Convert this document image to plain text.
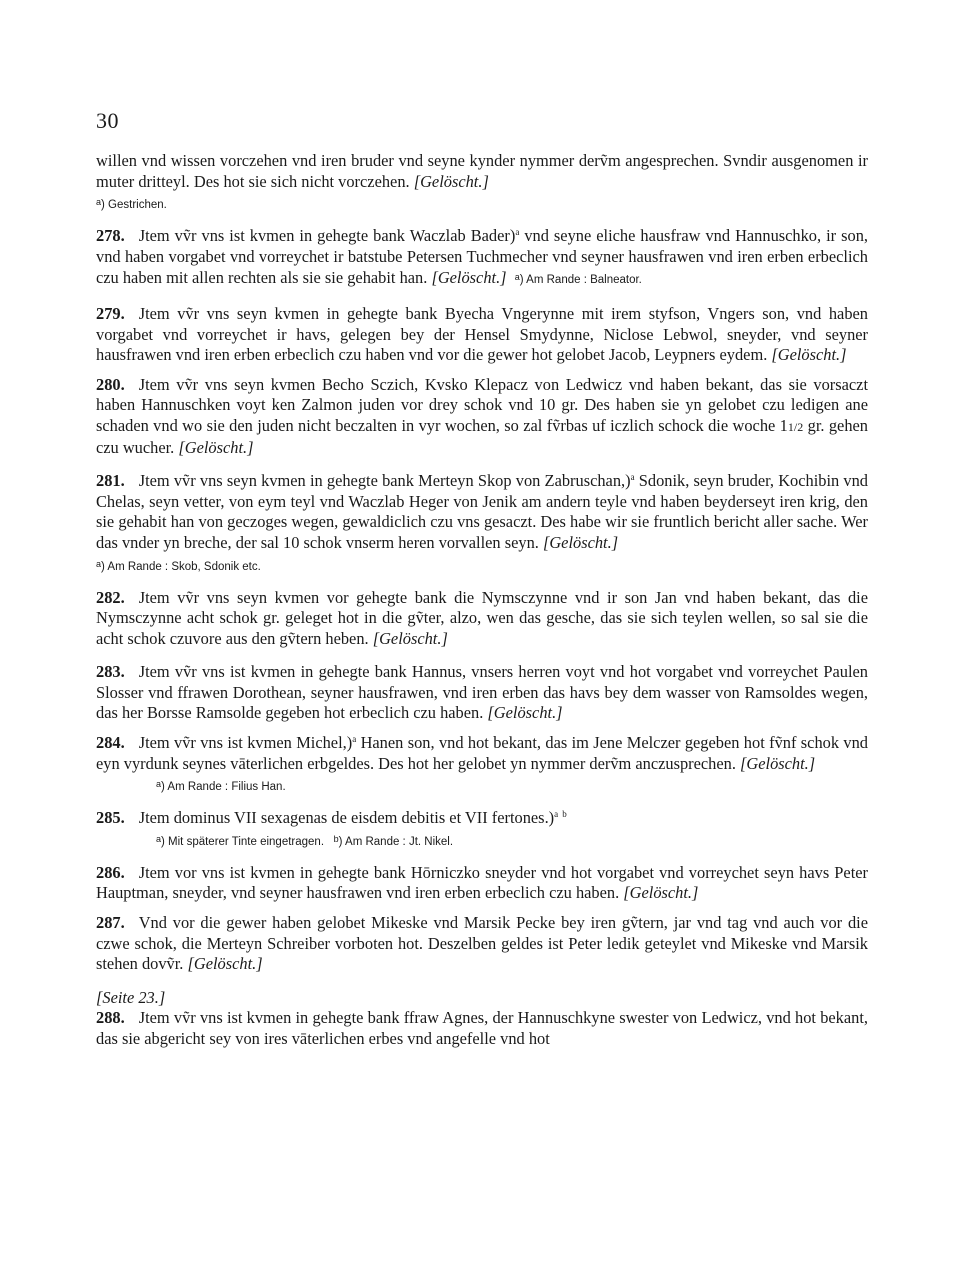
30

willen vnd wissen vorczehen vnd iren bruder vnd seyne kynder nymmer derṽm angesprechen. Svndir ausgenomen ir muter dritteyl. Des hot sie sich nicht vorczehen. [Gelöscht.]

$^a$) Gestrichen.

278. Jtem vṽr vns ist kvmen in gehegte bank Waczlab Bader)$^a$ vnd seyne eliche hausfraw vnd Hannuschko, ir son, vnd haben vorgabet vnd vorreychet ir batstube Petersen Tuchmecher vnd seyner hausfrawen vnd iren erben erbeclich czu haben mit allen rechten als sie sie gehabit han. [Gelöscht.] $^a$) Am Rande : Balneator.

279. Jtem vṽr vns seyn kvmen in gehegte bank Byecha Vngerynne mit irem styfson, Vngers son, vnd haben vorgabet vnd vorreychet ir havs, gelegen bey der Hensel Smydynne, Niclose Lebwol, sneyder, vnd seyner hausfrawen vnd iren erben erbeclich czu haben vnd vor die gewer hot gelobet Jacob, Leypners eydem. [Gelöscht.]

280. Jtem vṽr vns seyn kvmen Becho Sczich, Kvsko Klepacz von Ledwicz vnd haben bekant, das sie vorsaczt haben Hannuschken voyt ken Zalmon juden vor drey schok vnd 10 gr. Des haben sie yn gelobet czu ledigen ane schaden vnd wo sie den juden nicht beczalten in vyr wochen, so zal fṽrbas uf iczlich schock die woche 11/2 gr. gehen czu wucher. [Gelöscht.]

281. Jtem vṽr vns seyn kvmen in gehegte bank Merteyn Skop von Zabruschan,)$^a$ Sdonik, seyn bruder, Kochibin vnd Chelas, seyn vetter, von eym teyl vnd Waczlab Heger von Jenik am andern teyle vnd haben beyderseyt iren krig, den sie gehabit han von geczoges wegen, gewaldiclich czu vns gesaczt. Des habe wir sie fruntlich bericht aller sache. Wer das vnder yn breche, der sal 10 schok vnserm heren vorvallen seyn. [Gelöscht.]

$^a$) Am Rande : Skob, Sdonik etc.

282. Jtem vṽr vns seyn kvmen vor gehegte bank die Nymsczynne vnd ir son Jan vnd haben bekant, das die Nymsczynne acht schok gr. geleget hot in die gṽter, alzo, wen das gesche, das sie sich teylen wellen, so sal sie die acht schok czuvore aus den gṽtern heben. [Gelöscht.]

283. Jtem vṽr vns ist kvmen in gehegte bank Hannus, vnsers herren voyt vnd hot vorgabet vnd vorreychet Paulen Slosser vnd ffrawen Dorothean, seyner hausfrawen, vnd iren erben das havs bey dem wasser von Ramsoldes wegen, das her Borsse Ramsolde gegeben hot erbeclich czu haben. [Gelöscht.]

284. Jtem vṽr vns ist kvmen Michel,)$^a$ Hanen son, vnd hot bekant, das im Jene Melczer gegeben hot fṽnf schok vnd eyn vyrdunk seynes vāterlichen erbgeldes. Des hot her gelobet yn nymmer derṽm anczusprechen. [Gelöscht.]

$^a$) Am Rande : Filius Han.

285. Jtem dominus VII sexagenas de eisdem debitis et VII fertones.)$^a$ $^b$

$^a$) Mit späterer Tinte eingetragen. $^b$) Am Rande : Jt. Nikel.

286. Jtem vor vns ist kvmen in gehegte bank Hōrniczko sneyder vnd hot vorgabet vnd vorreychet seyn havs Peter Hauptman, sneyder, vnd seyner hausfrawen vnd iren erben erbeclich czu haben. [Gelöscht.]

287. Vnd vor die gewer haben gelobet Mikeske vnd Marsik Pecke bey iren gṽtern, jar vnd tag vnd auch vor die czwe schok, die Merteyn Schreiber vorboten hot. Deszelben geldes ist Peter ledik geteylet vnd Mikeske vnd Marsik stehen dovṽr. [Gelöscht.]

[Seite 23.]

288. Jtem vṽr vns ist kvmen in gehegte bank ffraw Agnes, der Hannuschkyne swester von Ledwicz, vnd hot bekant, das sie abgericht sey von ires vāterlichen erbes vnd angefelle vnd hot
